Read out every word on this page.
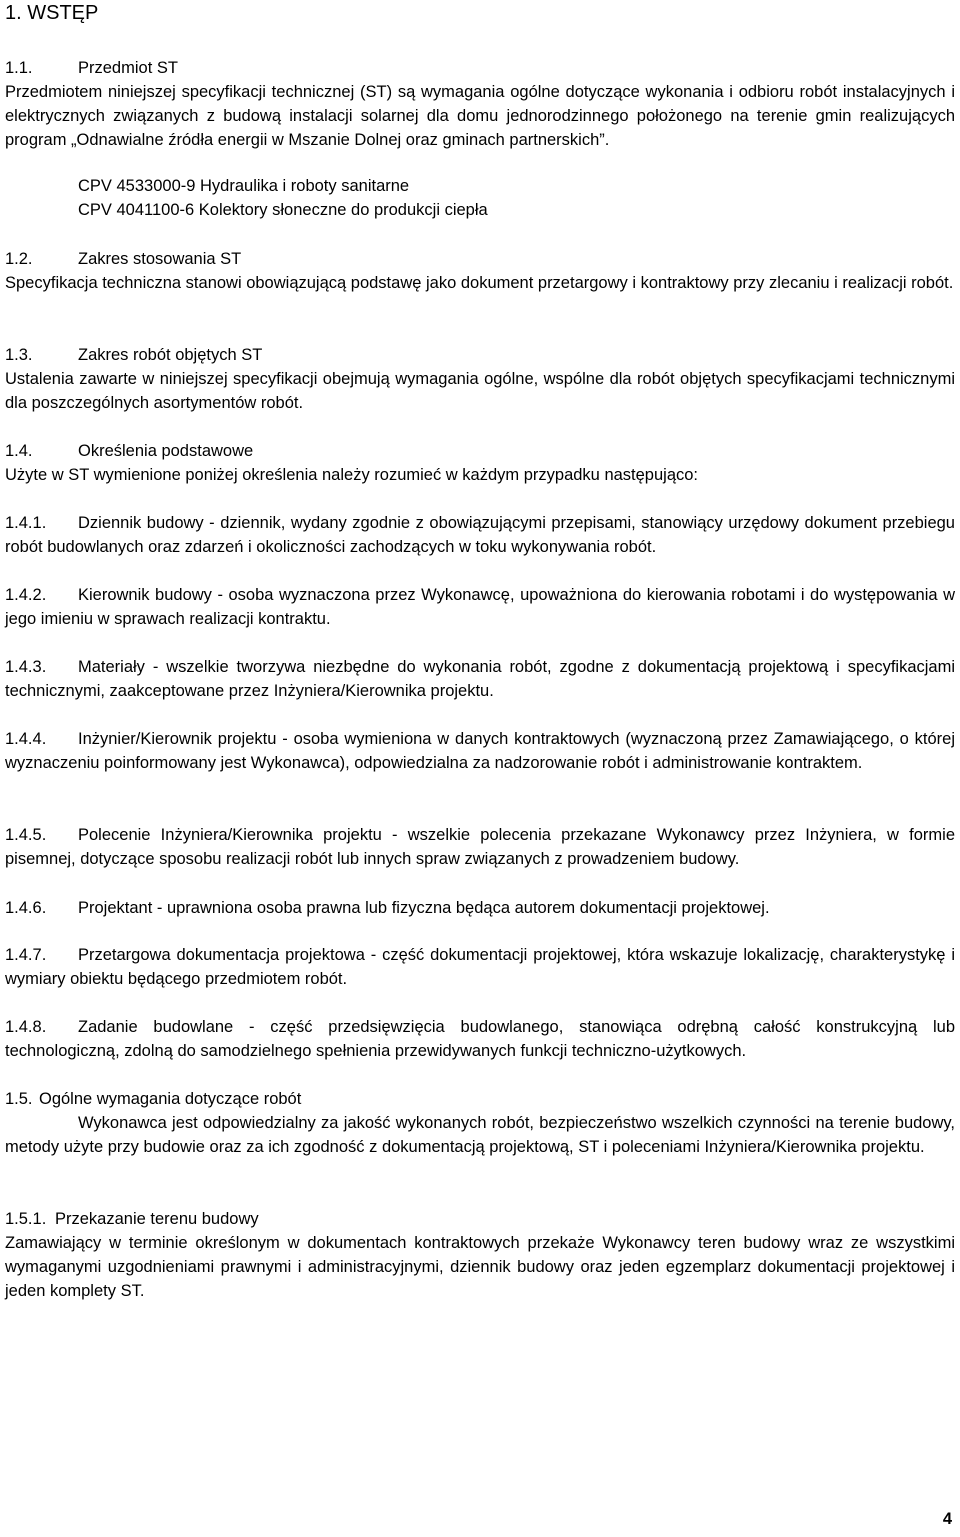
1. WSTĘP
1.1.	Przedmiot ST

Przedmiotem niniejszej specyfikacji technicznej (ST) są wymagania ogólne dotyczące wykonania i odbioru robót instalacyjnych i elektrycznych związanych z budową instalacji solarnej dla domu jednorodzinnego położonego na terenie gmin realizujących program „Odnawialne źródła energii w Mszanie Dolnej oraz gminach partnerskich”.

CPV 4533000-9 Hydraulika i roboty sanitarne
CPV 4041100-6 Kolektory słoneczne do produkcji ciepła
1.2.	Zakres stosowania ST

Specyfikacja techniczna stanowi obowiązującą podstawę jako dokument przetargowy i kontraktowy przy zlecaniu i realizacji robót.

1.3.	Zakres robót objętych ST

Ustalenia zawarte w niniejszej specyfikacji obejmują wymagania ogólne, wspólne dla robót objętych specyfikacjami technicznymi dla poszczególnych asortymentów robót.

1.4.	Określenia podstawowe

Użyte w ST wymienione poniżej określenia należy rozumieć w każdym przypadku następująco:

1.4.1. Dziennik budowy - dziennik, wydany zgodnie z obowiązującymi przepisami, stanowiący urzędowy dokument przebiegu robót budowlanych oraz zdarzeń i okoliczności zachodzących w toku wykonywania robót.

1.4.2. Kierownik budowy - osoba wyznaczona przez Wykonawcę, upoważniona do kierowania robotami i do występowania w jego imieniu w sprawach realizacji kontraktu.

1.4.3. Materiały - wszelkie tworzywa niezbędne do wykonania robót, zgodne z dokumentacją projektową i specyfikacjami technicznymi, zaakceptowane przez Inżyniera/Kierownika projektu.

1.4.4. Inżynier/Kierownik projektu - osoba wymieniona w danych kontraktowych (wyznaczoną przez Zamawiającego, o której wyznaczeniu poinformowany jest Wykonawca), odpowiedzialna za nadzorowanie robót i administrowanie kontraktem.

1.4.5. Polecenie Inżyniera/Kierownika projektu - wszelkie polecenia przekazane Wykonawcy przez Inżyniera, w formie pisemnej, dotyczące sposobu realizacji robót lub innych spraw związanych z prowadzeniem budowy.

1.4.6. Projektant - uprawniona osoba prawna lub fizyczna będąca autorem dokumentacji projektowej.

1.4.7. Przetargowa dokumentacja projektowa - część dokumentacji projektowej, która wskazuje lokalizację, charakterystykę i wymiary obiektu będącego przedmiotem robót.

1.4.8. Zadanie budowlane - część przedsięwzięcia budowlanego, stanowiąca odrębną całość konstrukcyjną lub technologiczną, zdolną do samodzielnego spełnienia przewidywanych funkcji techniczno-użytkowych.

1.5. Ogólne wymagania dotyczące robót

Wykonawca jest odpowiedzialny za jakość wykonanych robót, bezpieczeństwo wszelkich czynności na terenie budowy, metody użyte przy budowie oraz za ich zgodność z dokumentacją projektową, ST i poleceniami Inżyniera/Kierownika projektu.

1.5.1. Przekazanie terenu budowy

Zamawiający w terminie określonym w dokumentach kontraktowych przekaże Wykonawcy teren budowy wraz ze wszystkimi wymaganymi uzgodnieniami prawnymi i administracyjnymi, dziennik budowy oraz jeden egzemplarz dokumentacji projektowej i jeden komplety ST.

4
